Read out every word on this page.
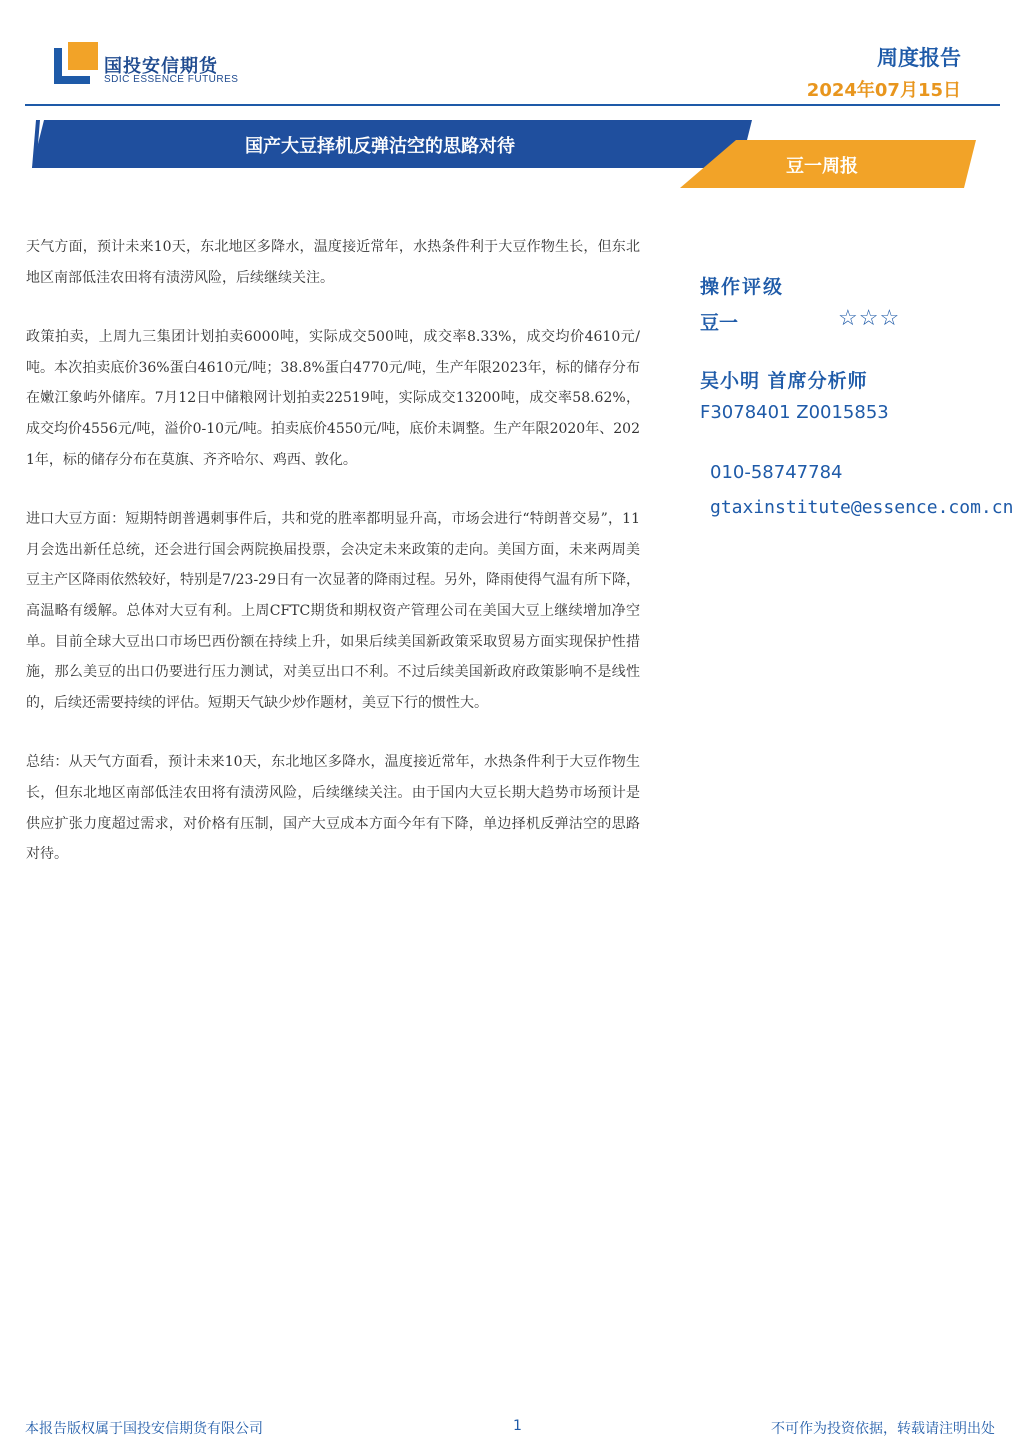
国投安信期货
SDIC ESSENCE FUTURES
周度报告
2024年07月15日
国产大豆择机反弹沽空的思路对待
豆一周报

天气方面，预计未来10天，东北地区多降水，温度接近常年，水热条件利于大豆作物生长，但东北地区南部低洼农田将有渍涝风险，后续继续关注。

政策拍卖，上周九三集团计划拍卖6000吨，实际成交500吨，成交率8.33%，成交均价4610元/吨。本次拍卖底价36%蛋白4610元/吨；38.8%蛋白4770元/吨，生产年限2023年，标的储存分布在嫩江象屿外储库。7月12日中储粮网计划拍卖22519吨，实际成交13200吨，成交率58.62%，成交均价4556元/吨，溢价0-10元/吨。拍卖底价4550元/吨，底价未调整。生产年限2020年、2021年，标的储存分布在莫旗、齐齐哈尔、鸡西、敦化。

进口大豆方面：短期特朗普遇刺事件后，共和党的胜率都明显升高，市场会进行“特朗普交易”，11月会选出新任总统，还会进行国会两院换届投票，会决定未来政策的走向。美国方面，未来两周美豆主产区降雨依然较好，特别是7/23-29日有一次显著的降雨过程。另外，降雨使得气温有所下降，高温略有缓解。总体对大豆有利。上周CFTC期货和期权资产管理公司在美国大豆上继续增加净空单。目前全球大豆出口市场巴西份额在持续上升，如果后续美国新政策采取贸易方面实现保护性措施，那么美豆的出口仍要进行压力测试，对美豆出口不利。不过后续美国新政府政策影响不是线性的，后续还需要持续的评估。短期天气缺少炒作题材，美豆下行的惯性大。

总结：从天气方面看，预计未来10天，东北地区多降水，温度接近常年，水热条件利于大豆作物生长，但东北地区南部低洼农田将有渍涝风险，后续继续关注。由于国内大豆长期大趋势市场预计是供应扩张力度超过需求，对价格有压制，国产大豆成本方面今年有下降，单边择机反弹沽空的思路对待。

操作评级
豆一	☆☆☆
吴小明 首席分析师
F3078401 Z0015853
010-58747784
gtaxinstitute@essence.com.cn
本报告版权属于国投安信期货有限公司	1	不可作为投资依据，转载请注明出处
